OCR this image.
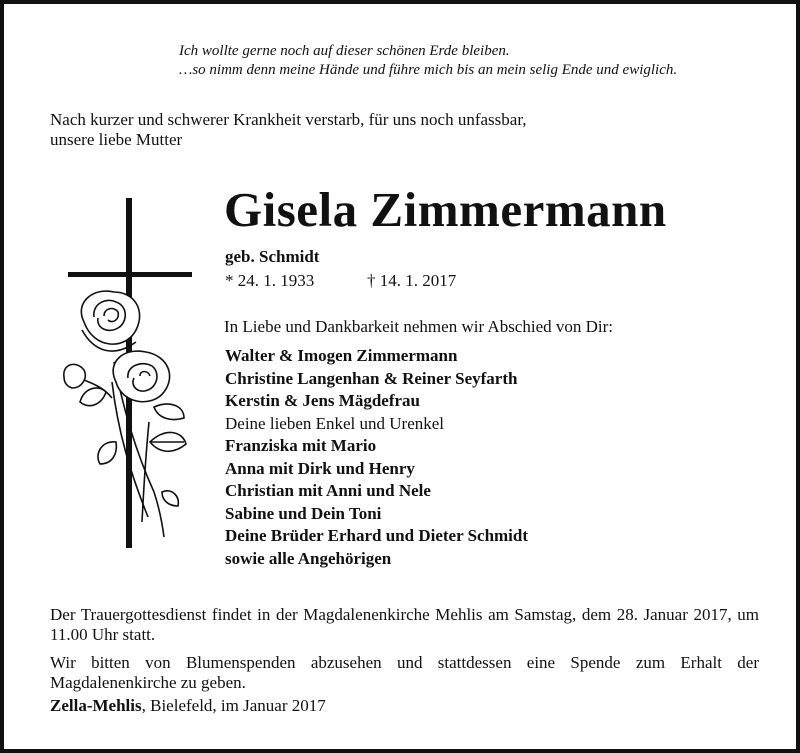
Ich wollte gerne noch auf dieser schönen Erde bleiben.
…so nimm denn meine Hände und führe mich bis an mein selig Ende und ewiglich.
Nach kurzer und schwerer Krankheit verstarb, für uns noch unfassbar,
unsere liebe Mutter
Gisela Zimmermann
geb. Schmidt
* 24. 1. 1933	† 14. 1. 2017
In Liebe und Dankbarkeit nehmen wir Abschied von Dir:
Walter & Imogen Zimmermann
Christine Langenhan & Reiner Seyfarth
Kerstin & Jens Mägdefrau
Deine lieben Enkel und Urenkel
Franziska mit Mario
Anna mit Dirk und Henry
Christian mit Anni und Nele
Sabine und Dein Toni
Deine Brüder Erhard und Dieter Schmidt
sowie alle Angehörigen

Der Trauergottesdienst findet in der Magdalenenkirche Mehlis am Samstag, dem 28. Januar 2017, um 11.00 Uhr statt.

Wir bitten von Blumenspenden abzusehen und stattdessen eine Spende zum Erhalt der Magdalenenkirche zu geben.

Zella-Mehlis, Bielefeld, im Januar 2017
